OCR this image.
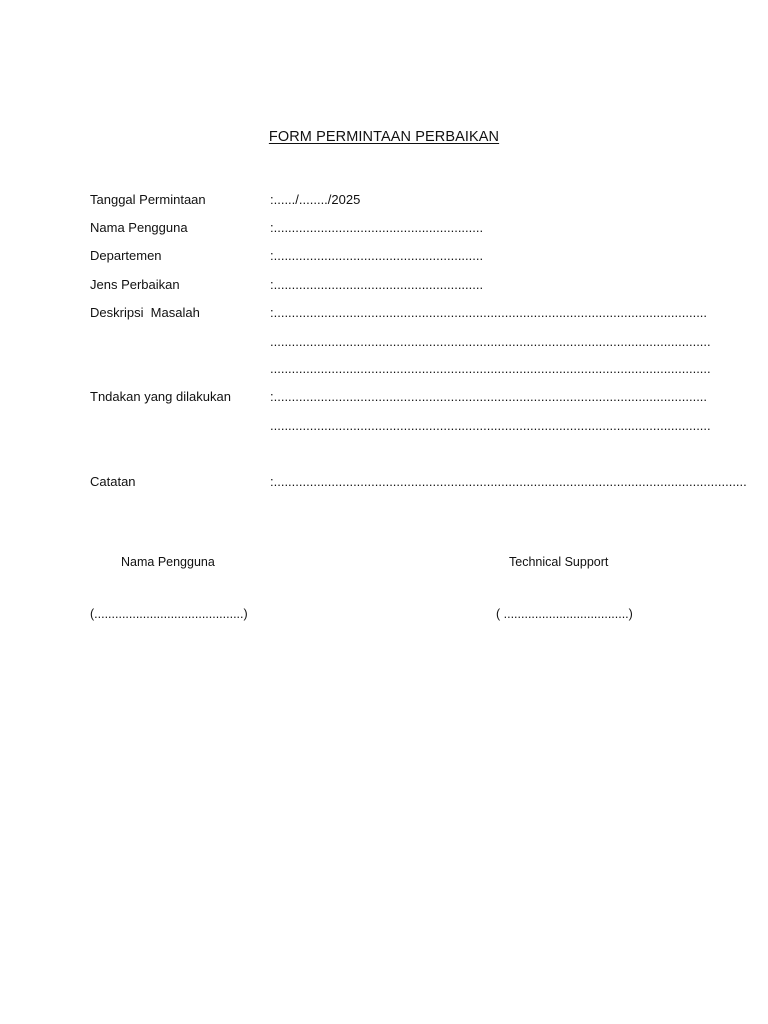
FORM PERMINTAAN PERBAIKAN
Tanggal Permintaan	:....../......../2025
Nama Pengguna	:..........................................................
Departemen	:..........................................................
Jens Perbaikan	:..........................................................
Deskripsi  Masalah	:........................................................................................................................
..........................................................................................................................
..........................................................................................................................
Tndakan yang dilakukan	:........................................................................................................................
..........................................................................................................................
Catatan	:...................................................................................................................................
Nama Pengguna	Technical Support
(...........................................)	( ....................................)
